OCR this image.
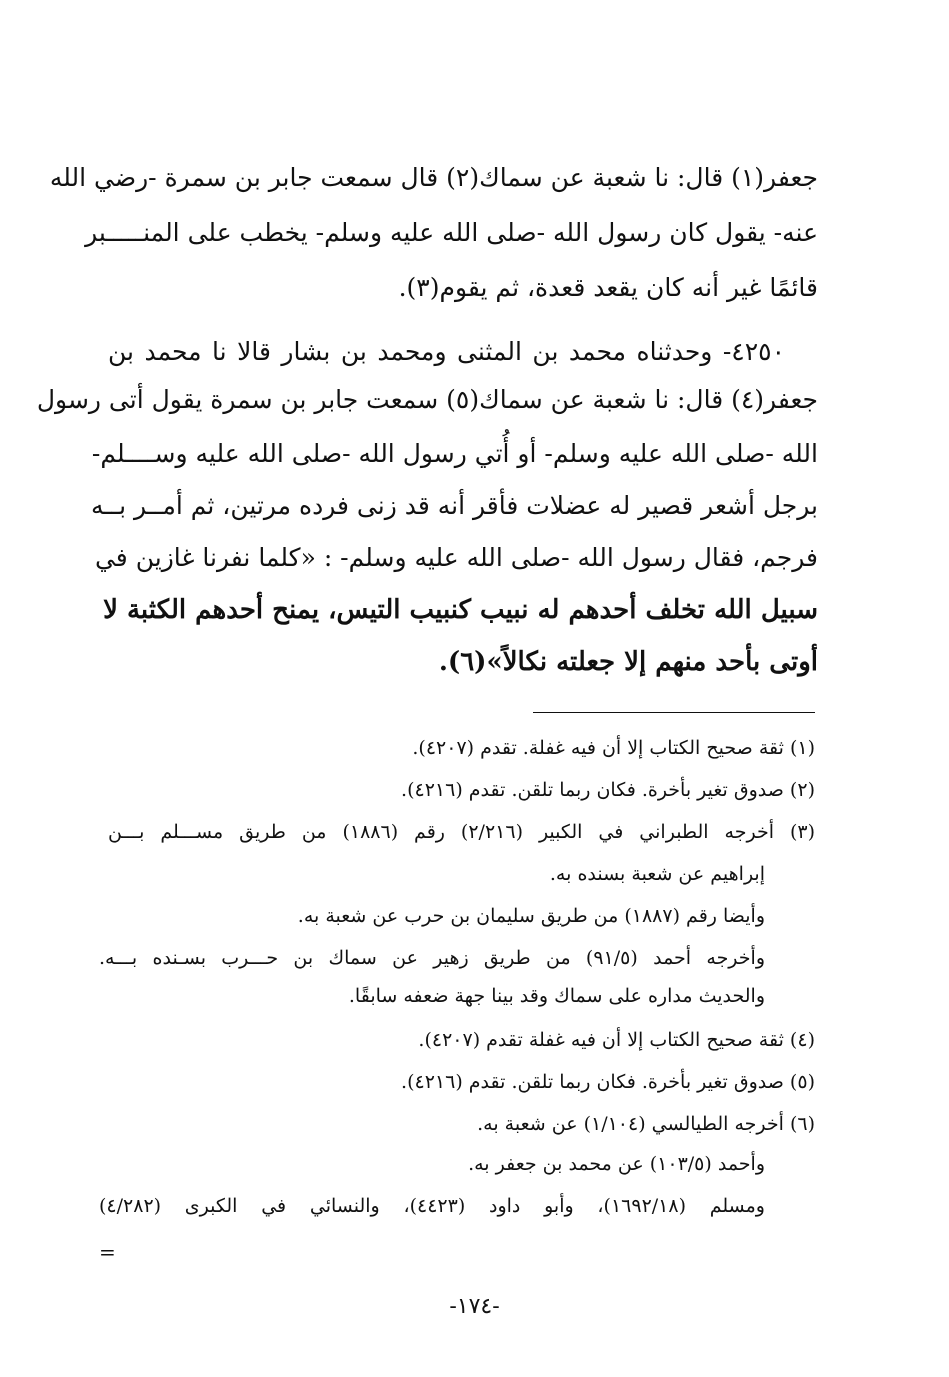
جعفر(١) قال: نا شعبة عن سماك(٢) قال سمعت جابر بن سمرة -رضي الله
عنه- يقول كان رسول الله -صلى الله عليه وسلم- يخطب على المنـــــبر
قائمًا غير أنه كان يقعد قعدة، ثم يقوم(٣).
٤٢٥٠- وحدثناه محمد بن المثنى ومحمد بن بشار قالا نا محمد بن
جعفر(٤) قال: نا شعبة عن سماك(٥) سمعت جابر بن سمرة يقول أتى رسول
الله -صلى الله عليه وسلم- أو أُتي رسول الله -صلى الله عليه وســــلم-
برجل أشعر قصير له عضلات فأقر أنه قد زنى فرده مرتين، ثم أمــر بــه
فرجم، فقال رسول الله -صلى الله عليه وسلم- : «كلما نفرنا غازين في
سبيل الله تخلف أحدهم له نبيب كنبيب التيس، يمنح أحدهم الكثبة لا
أوتى بأحد منهم إلا جعلته نكالاً»(٦).
(١) ثقة صحيح الكتاب إلا أن فيه غفلة. تقدم (٤٢٠٧).
(٢) صدوق تغير بأخرة. فكان ربما تلقن. تقدم (٤٢١٦).
(٣) أخرجه الطبراني في الكبير (٢/٢١٦) رقم (١٨٨٦) من طريق مســـلم بـــن
إبراهيم عن شعبة بسنده به.
وأيضا رقم (١٨٨٧) من طريق سليمان بن حرب عن شعبة به.
وأخرجه أحمد (٩١/٥) من طريق زهير عن سماك بن حـــرب بسـنده بـــه.
والحديث مداره على سماك وقد بينا جهة ضعفه سابقًا.
(٤) ثقة صحيح الكتاب إلا أن فيه غفلة تقدم (٤٢٠٧).
(٥) صدوق تغير بأخرة. فكان ربما تلقن. تقدم (٤٢١٦).
(٦) أخرجه الطيالسي (١/١٠٤) عن شعبة به.
وأحمد (١٠٣/٥) عن محمد بن جعفر به.
ومسلم (١٦٩٢/١٨)، وأبو داود (٤٤٢٣)، والنسائي في الكبرى (٤/٢٨٢)
=
-١٧٤-
